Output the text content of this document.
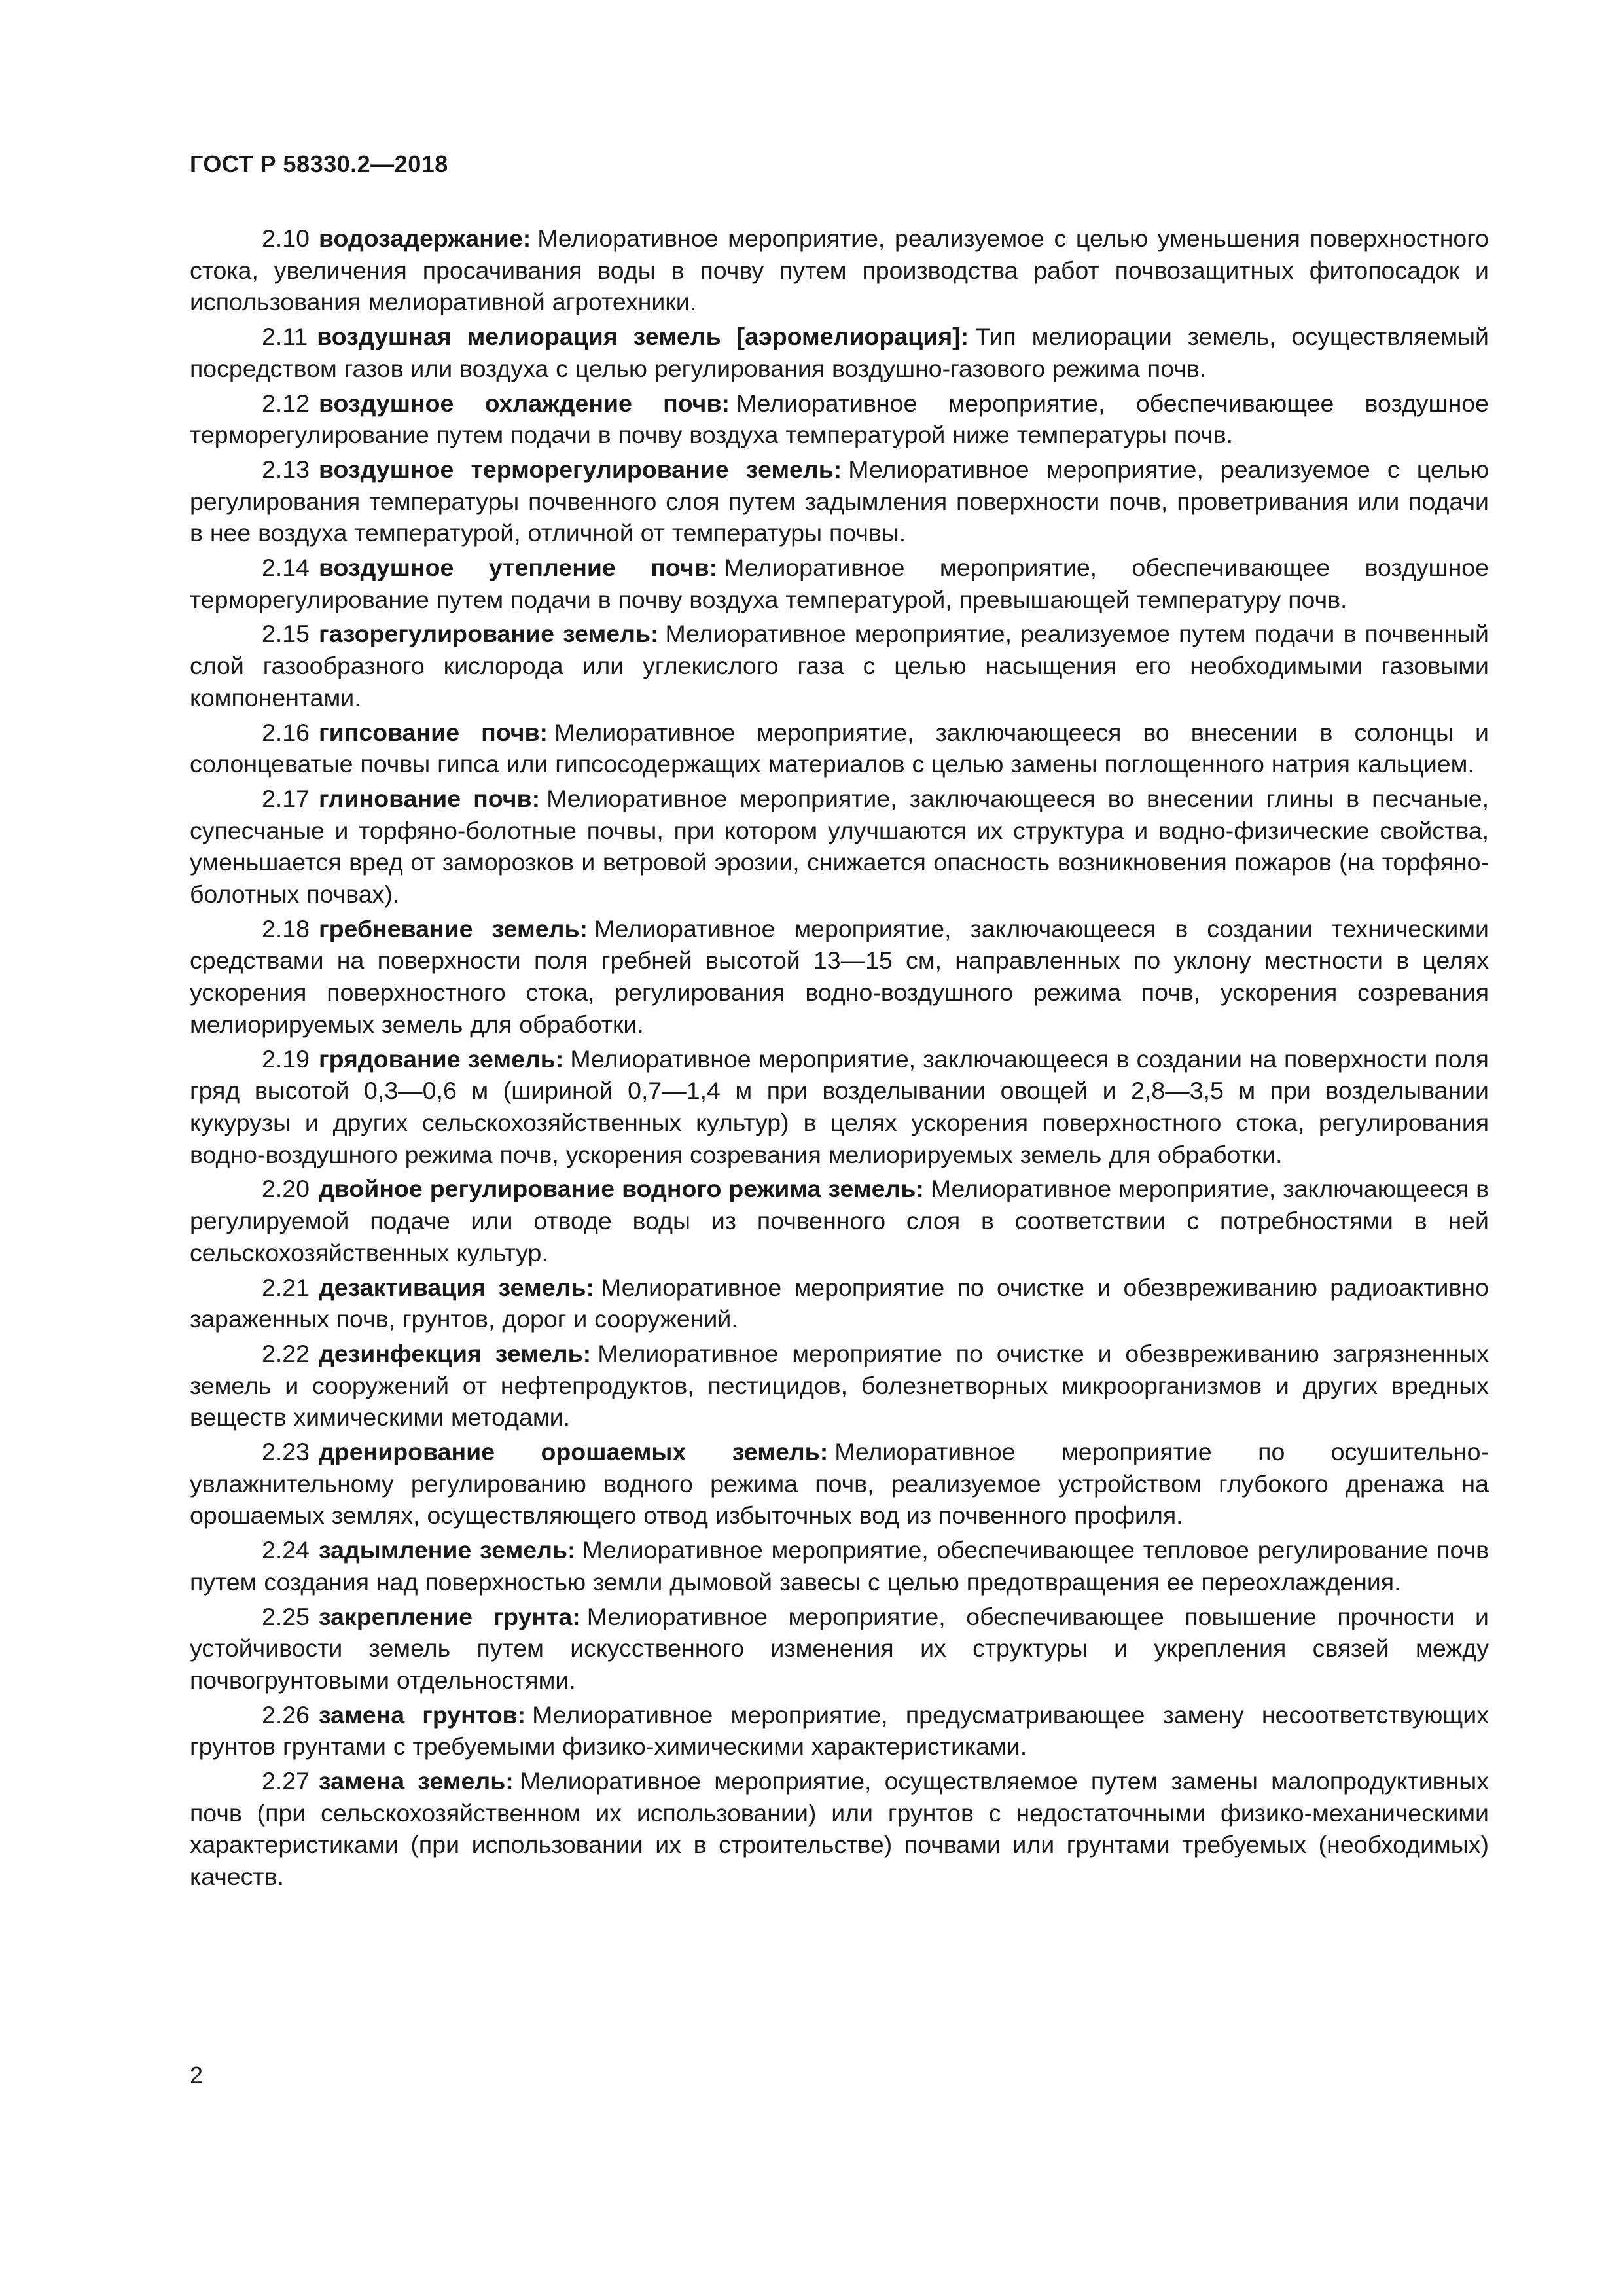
ГОСТ Р 58330.2—2018

2.10 водозадержание: Мелиоративное мероприятие, реализуемое с целью уменьшения поверхностного стока, увеличения просачивания воды в почву путем производства работ почвозащитных фитопосадок и использования мелиоративной агротехники.

2.11 воздушная мелиорация земель [аэромелиорация]: Тип мелиорации земель, осуществляемый посредством газов или воздуха с целью регулирования воздушно-газового режима почв.

2.12 воздушное охлаждение почв: Мелиоративное мероприятие, обеспечивающее воздушное терморегулирование путем подачи в почву воздуха температурой ниже температуры почв.

2.13 воздушное терморегулирование земель: Мелиоративное мероприятие, реализуемое с целью регулирования температуры почвенного слоя путем задымления поверхности почв, проветривания или подачи в нее воздуха температурой, отличной от температуры почвы.

2.14 воздушное утепление почв: Мелиоративное мероприятие, обеспечивающее воздушное терморегулирование путем подачи в почву воздуха температурой, превышающей температуру почв.

2.15 газорегулирование земель: Мелиоративное мероприятие, реализуемое путем подачи в почвенный слой газообразного кислорода или углекислого газа с целью насыщения его необходимыми газовыми компонентами.

2.16 гипсование почв: Мелиоративное мероприятие, заключающееся во внесении в солонцы и солонцеватые почвы гипса или гипсосодержащих материалов с целью замены поглощенного натрия кальцием.

2.17 глинование почв: Мелиоративное мероприятие, заключающееся во внесении глины в песчаные, супесчаные и торфяно-болотные почвы, при котором улучшаются их структура и водно-физические свойства, уменьшается вред от заморозков и ветровой эрозии, снижается опасность возникновения пожаров (на торфяно-болотных почвах).

2.18 гребневание земель: Мелиоративное мероприятие, заключающееся в создании техническими средствами на поверхности поля гребней высотой 13—15 см, направленных по уклону местности в целях ускорения поверхностного стока, регулирования водно-воздушного режима почв, ускорения созревания мелиорируемых земель для обработки.

2.19 грядование земель: Мелиоративное мероприятие, заключающееся в создании на поверхности поля гряд высотой 0,3—0,6 м (шириной 0,7—1,4 м при возделывании овощей и 2,8—3,5 м при возделывании кукурузы и других сельскохозяйственных культур) в целях ускорения поверхностного стока, регулирования водно-воздушного режима почв, ускорения созревания мелиорируемых земель для обработки.

2.20 двойное регулирование водного режима земель: Мелиоративное мероприятие, заключающееся в регулируемой подаче или отводе воды из почвенного слоя в соответствии с потребностями в ней сельскохозяйственных культур.

2.21 дезактивация земель: Мелиоративное мероприятие по очистке и обезвреживанию радиоактивно зараженных почв, грунтов, дорог и сооружений.

2.22 дезинфекция земель: Мелиоративное мероприятие по очистке и обезвреживанию загрязненных земель и сооружений от нефтепродуктов, пестицидов, болезнетворных микроорганизмов и других вредных веществ химическими методами.

2.23 дренирование орошаемых земель: Мелиоративное мероприятие по осушительно-увлажнительному регулированию водного режима почв, реализуемое устройством глубокого дренажа на орошаемых землях, осуществляющего отвод избыточных вод из почвенного профиля.

2.24 задымление земель: Мелиоративное мероприятие, обеспечивающее тепловое регулирование почв путем создания над поверхностью земли дымовой завесы с целью предотвращения ее переохлаждения.

2.25 закрепление грунта: Мелиоративное мероприятие, обеспечивающее повышение прочности и устойчивости земель путем искусственного изменения их структуры и укрепления связей между почвогрунтовыми отдельностями.

2.26 замена грунтов: Мелиоративное мероприятие, предусматривающее замену несоответствующих грунтов грунтами с требуемыми физико-химическими характеристиками.

2.27 замена земель: Мелиоративное мероприятие, осуществляемое путем замены малопродуктивных почв (при сельскохозяйственном их использовании) или грунтов с недостаточными физико-механическими характеристиками (при использовании их в строительстве) почвами или грунтами требуемых (необходимых) качеств.

2
